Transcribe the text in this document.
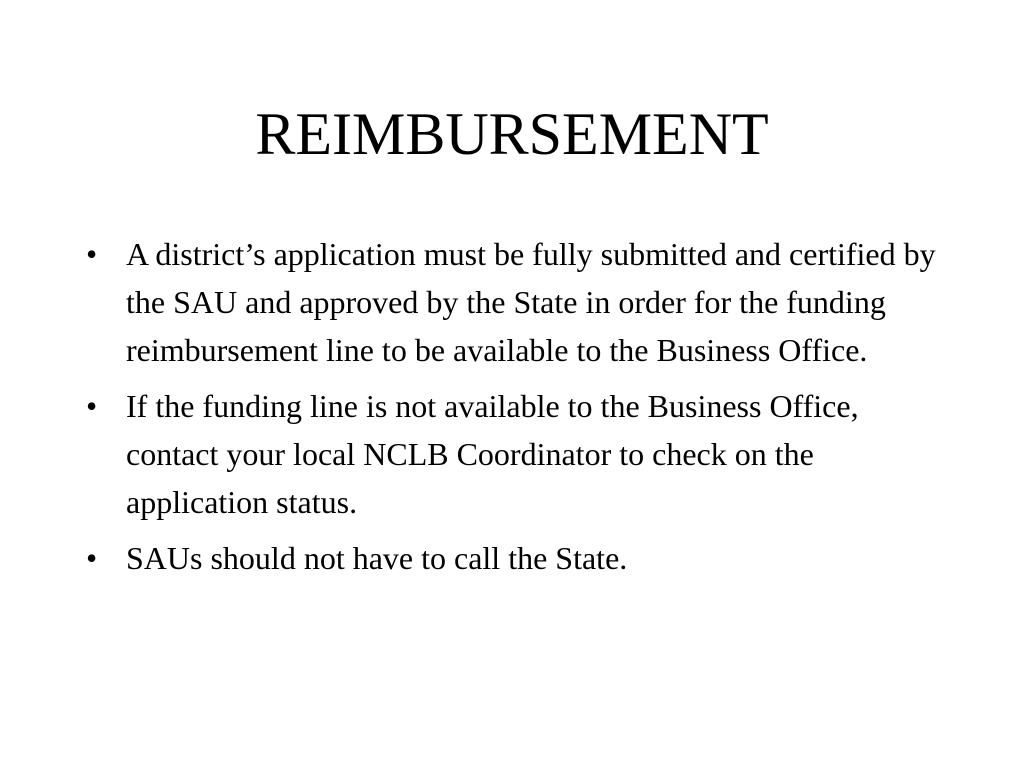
REIMBURSEMENT
• A district’s application must be fully submitted and certified by the SAU and approved by the State in order for the funding reimbursement line to be available to the Business Office.
• If the funding line is not available to the Business Office, contact your local NCLB Coordinator to check on the application status.
• SAUs should not have to call the State.
